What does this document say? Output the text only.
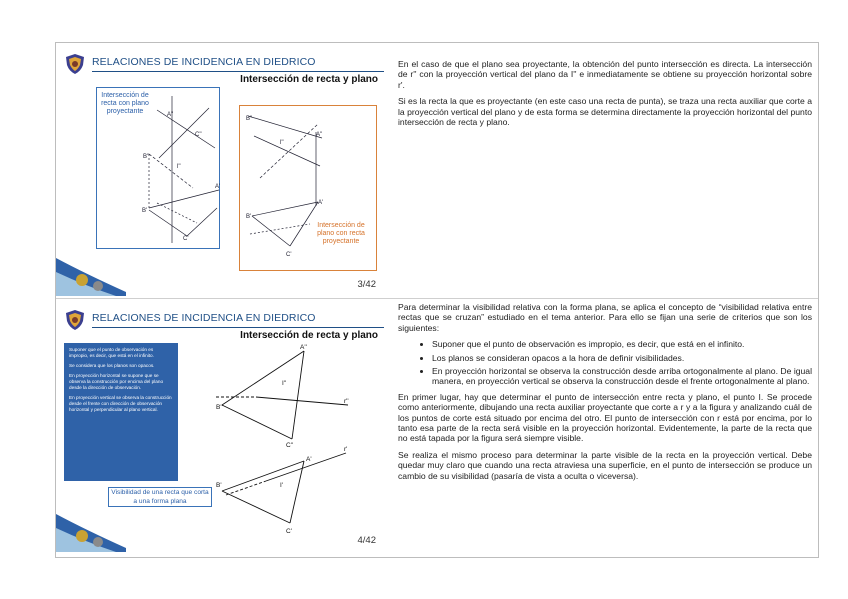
RELACIONES DE INCIDENCIA EN DIEDRICO
Intersección de recta y plano
Intersección de recta con plano proyectante	A''
C''
B''
l''
B'
A'
C'
B''
A''
l''
B'
A'
C'
Intersección de plano con recta proyectante
3/42
RELACIONES DE INCIDENCIA EN DIEDRICO
Intersección de recta y plano
Suponer que el punto de observación es impropio, es decir, que está en el infinito.
Se considera que los planos son opacos.
En proyección horizontal se supone que se observa la construcción por encima del plano desde la dirección de observación.
En proyección vertical se observa la construcción desde el frente con dirección de observación horizontal y perpendicular al plano vertical.
A''
B''
C''
r''
I''
B'
A'
C'
r'
I'
Visibilidad de una recta que corta a una forma plana
4/42

En el caso de que el plano sea proyectante, la obtención del punto intersección es directa. La intersección de r'' con la proyección vertical del plano da I'' e inmediatamente se obtiene su proyección horizontal sobre r'.

Si es la recta la que es proyectante (en este caso una recta de punta), se traza una recta auxiliar que corte a la proyección vertical del plano y de esta forma se determina directamente la proyección horizontal del punto intersección de recta y plano.

Para determinar la visibilidad relativa con la forma plana, se aplica el concepto de “visibilidad relativa entre rectas que se cruzan” estudiado en el tema anterior. Para ello se fijan una serie de criterios que son los siguientes:

• Suponer que el punto de observación es impropio, es decir, que está en el infinito.
• Los planos se consideran opacos a la hora de definir visibilidades.
• En proyección horizontal se observa la construcción desde arriba ortogonalmente al plano. De igual manera, en proyección vertical se observa la construcción desde el frente ortogonalmente al plano.

En primer lugar, hay que determinar el punto de intersección entre recta y plano, el punto I. Se procede como anteriormente, dibujando una recta auxiliar proyectante que corte a r y a la figura y analizando cuál de los puntos de corte está situado por encima del otro. El punto de intersección con r está por encima, por lo tanto esa parte de la recta será visible en la proyección horizontal. Evidentemente, la parte de la recta que no está tapada por la figura será siempre visible.

Se realiza el mismo proceso para determinar la parte visible de la recta en la proyección vertical. Debe quedar muy claro que cuando una recta atraviesa una superficie, en el punto de intersección se produce un cambio de su visibilidad (pasaría de vista a oculta o viceversa).
